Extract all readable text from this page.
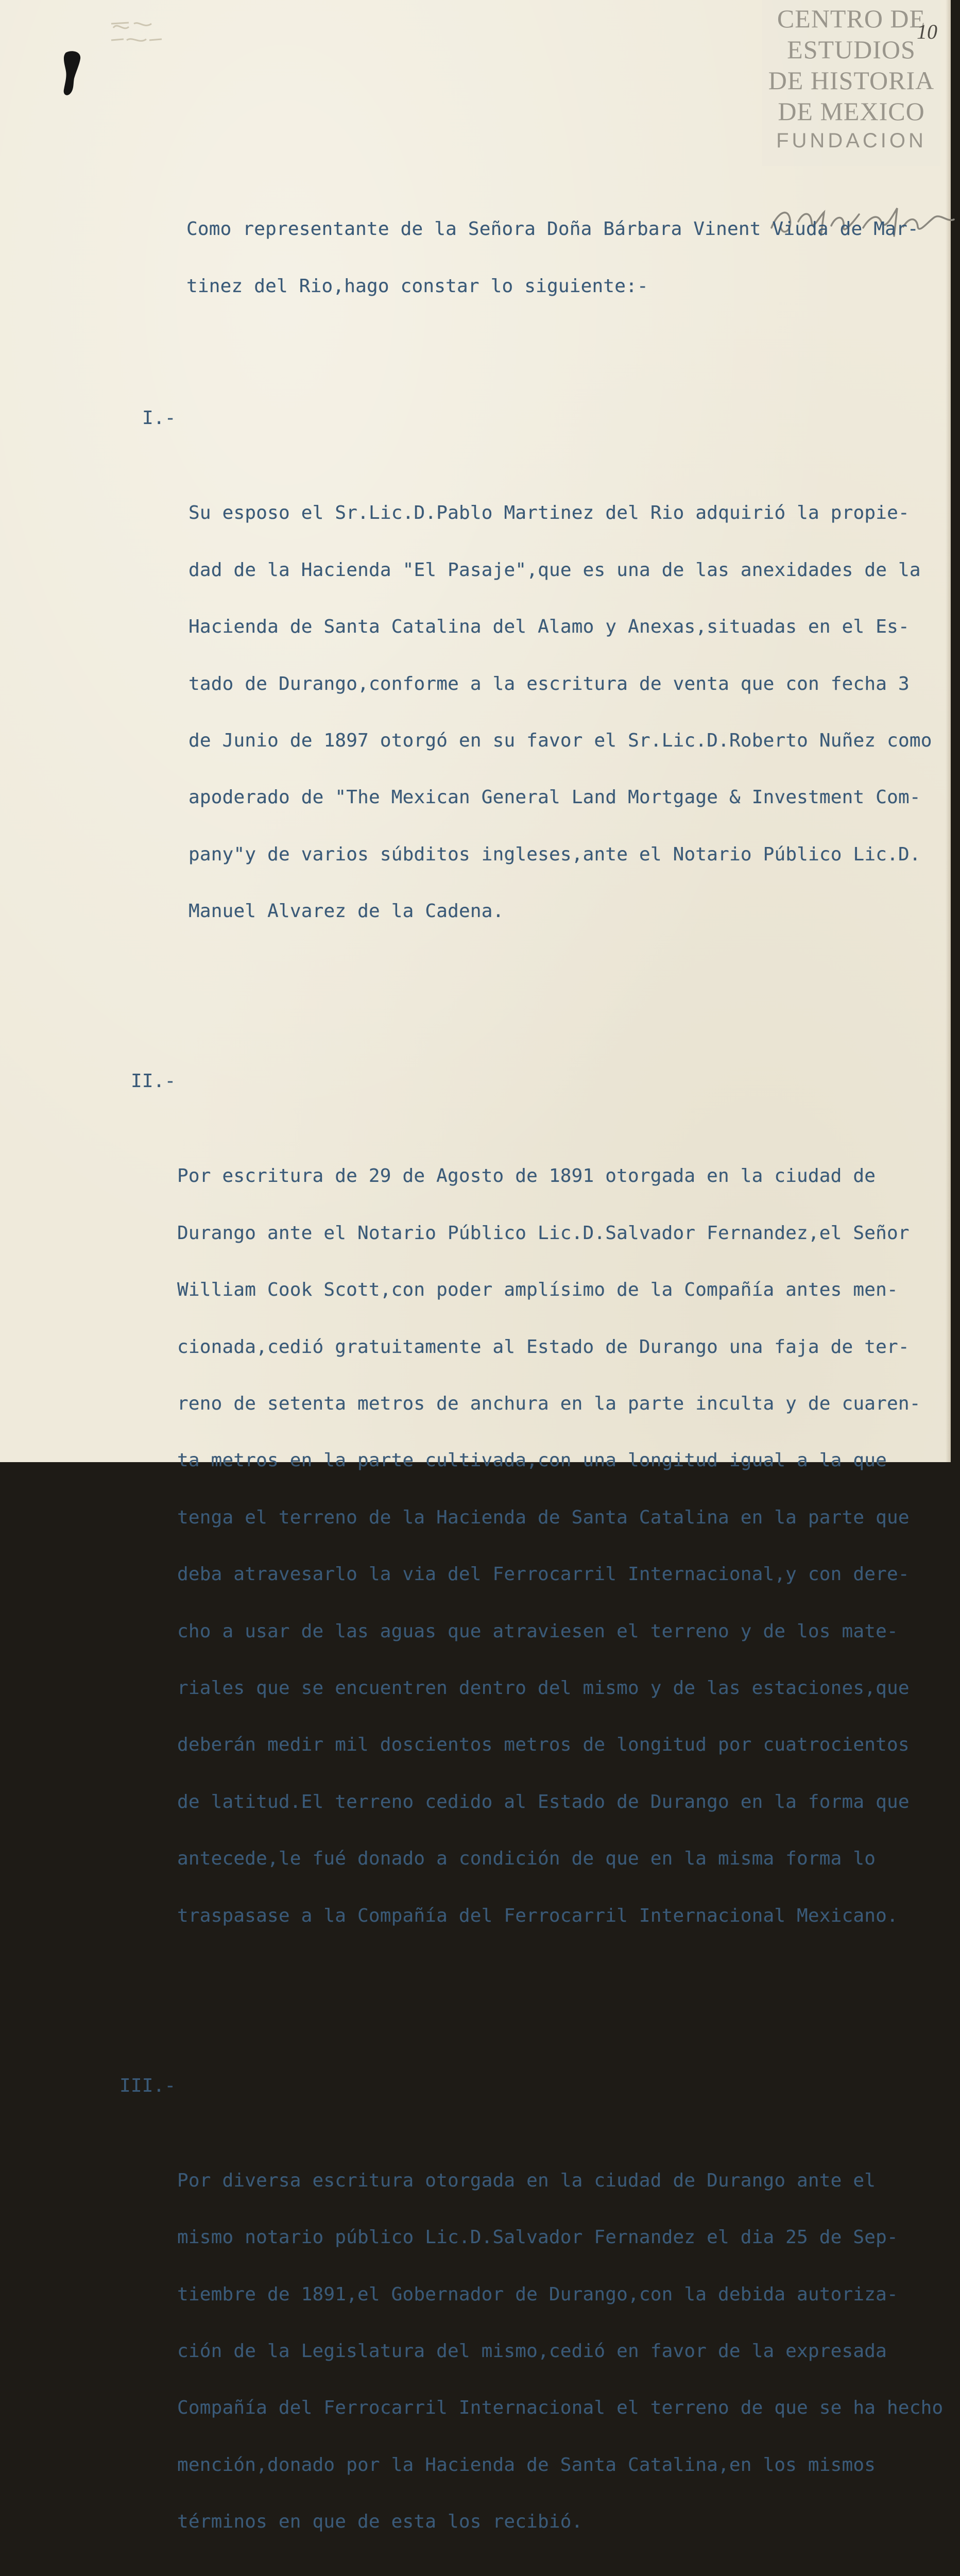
CENTRO DE
ESTUDIOS
DE HISTORIA
DE MEXICO
FUNDACION
10

Como representante de la Señora Doña Bárbara Vinent Viuda de Mar-

tinez del Rio,hago constar lo siguiente:-

I.-

Su esposo el Sr.Lic.D.Pablo Martinez del Rio adquirió la propie-

dad de la Hacienda "El Pasaje",que es una de las anexidades de la

Hacienda de Santa Catalina del Alamo y Anexas,situadas en el Es-

tado de Durango,conforme a la escritura de venta que con fecha 3

de Junio de 1897 otorgó en su favor el Sr.Lic.D.Roberto Nuñez como

apoderado de "The Mexican General Land Mortgage & Investment Com-

pany"y de varios súbditos ingleses,ante el Notario Público Lic.D.

Manuel Alvarez de la Cadena.

II.-

Por escritura de 29 de Agosto de 1891 otorgada en la ciudad de

Durango ante el Notario Público Lic.D.Salvador Fernandez,el Señor

William Cook Scott,con poder amplísimo de la Compañía antes men-

cionada,cedió gratuitamente al Estado de Durango una faja de ter-

reno de setenta metros de anchura en la parte inculta y de cuaren-

ta metros en la parte cultivada,con una longitud igual a la que

tenga el terreno de la Hacienda de Santa Catalina en la parte que

deba atravesarlo la via del Ferrocarril Internacional,y con dere-

cho a usar de las aguas que atraviesen el terreno y de los mate-

riales que se encuentren dentro del mismo y de las estaciones,que

deberán medir mil doscientos metros de longitud por cuatrocientos

de latitud.El terreno cedido al Estado de Durango en la forma que

antecede,le fué donado a condición de que en la misma forma lo

traspasase a la Compañía del Ferrocarril Internacional Mexicano.

III.-

Por diversa escritura otorgada en la ciudad de Durango ante el

mismo notario público Lic.D.Salvador Fernandez el dia 25 de Sep-

tiembre de 1891,el Gobernador de Durango,con la debida autoriza-

ción de la Legislatura del mismo,cedió en favor de la expresada

Compañía del Ferrocarril Internacional el terreno de que se ha hecho

mención,donado por la Hacienda de Santa Catalina,en los mismos

términos en que de esta los recibió.
